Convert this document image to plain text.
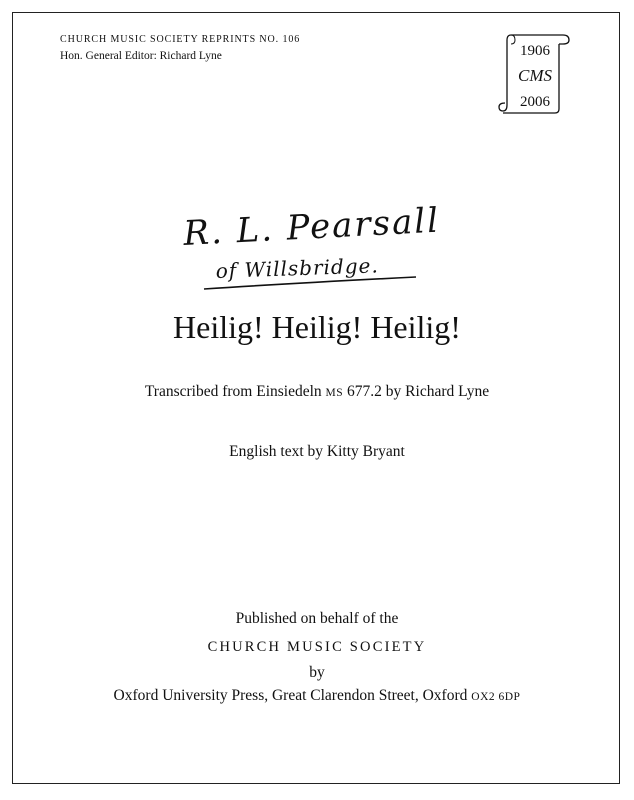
CHURCH MUSIC SOCIETY REPRINTS NO. 106
Hon. General Editor: Richard Lyne	1906
CMS
2006
R. L. Pearsall
of Willsbridge.
Heilig! Heilig! Heilig!
Transcribed from Einsiedeln MS 677.2 by Richard Lyne
English text by Kitty Bryant
Published on behalf of the
CHURCH MUSIC SOCIETY
by
Oxford University Press, Great Clarendon Street, Oxford OX2 6DP
